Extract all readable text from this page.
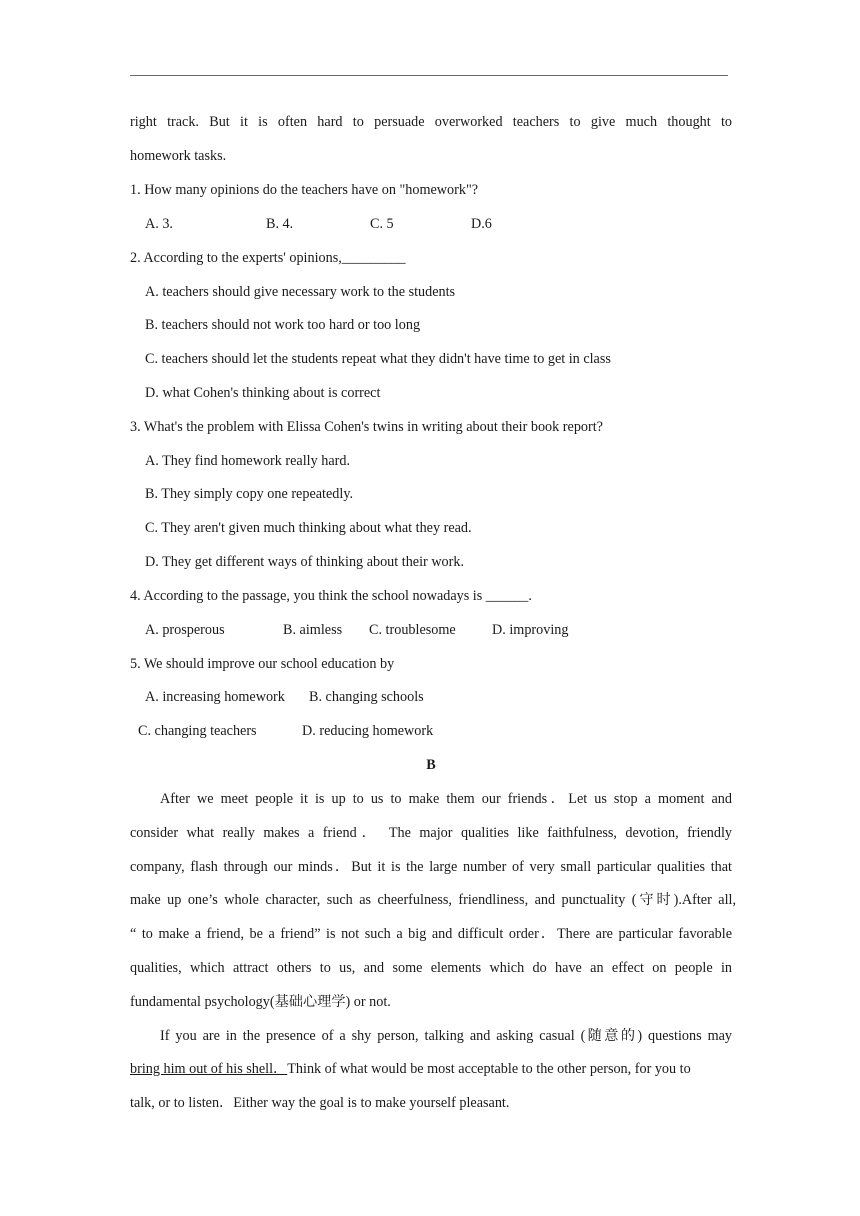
right track. But it is often hard to persuade overworked teachers to give much thought to
homework tasks.
1. How many opinions do the teachers have on "homework"?
A. 3.	B. 4.	C. 5	D.6
2. According to the experts' opinions,_________
A. teachers should give necessary work to the students
B. teachers should not work too hard or too long
C. teachers should let the students repeat what they didn't have time to get in class
D. what Cohen's thinking about is correct
3. What's the problem with Elissa Cohen's twins in writing about their book report?
A. They find homework really hard.
B. They simply copy one repeatedly.
C. They aren't given much thinking about what they read.
D. They get different ways of thinking about their work.
4. According to the passage, you think the school nowadays is ______.
A. prosperous	B. aimless C. troublesome	D. improving
5. We should improve our school education by
A. increasing homework B. changing schools
C. changing teachers	D. reducing homework
B
After we meet people it is up to us to make them our friends．Let us stop a moment and
consider what really makes a friend． The major qualities like faithfulness, devotion, friendly
company, flash through our minds．But it is the large number of very small particular qualities that
make up one’s whole character, such as cheerfulness, friendliness, and punctuality (守时).After all,
“ to make a friend, be a friend” is not such a big and difficult order．There are particular favorable
qualities, which attract others to us, and some elements which do have an effect on people in
fundamental psychology(基础心理学) or not.
If you are in the presence of a shy person, talking and asking casual (随意的) questions may
bring him out of his shell．Think of what would be most acceptable to the other person, for you to
talk, or to listen．Either way the goal is to make yourself pleasant.
